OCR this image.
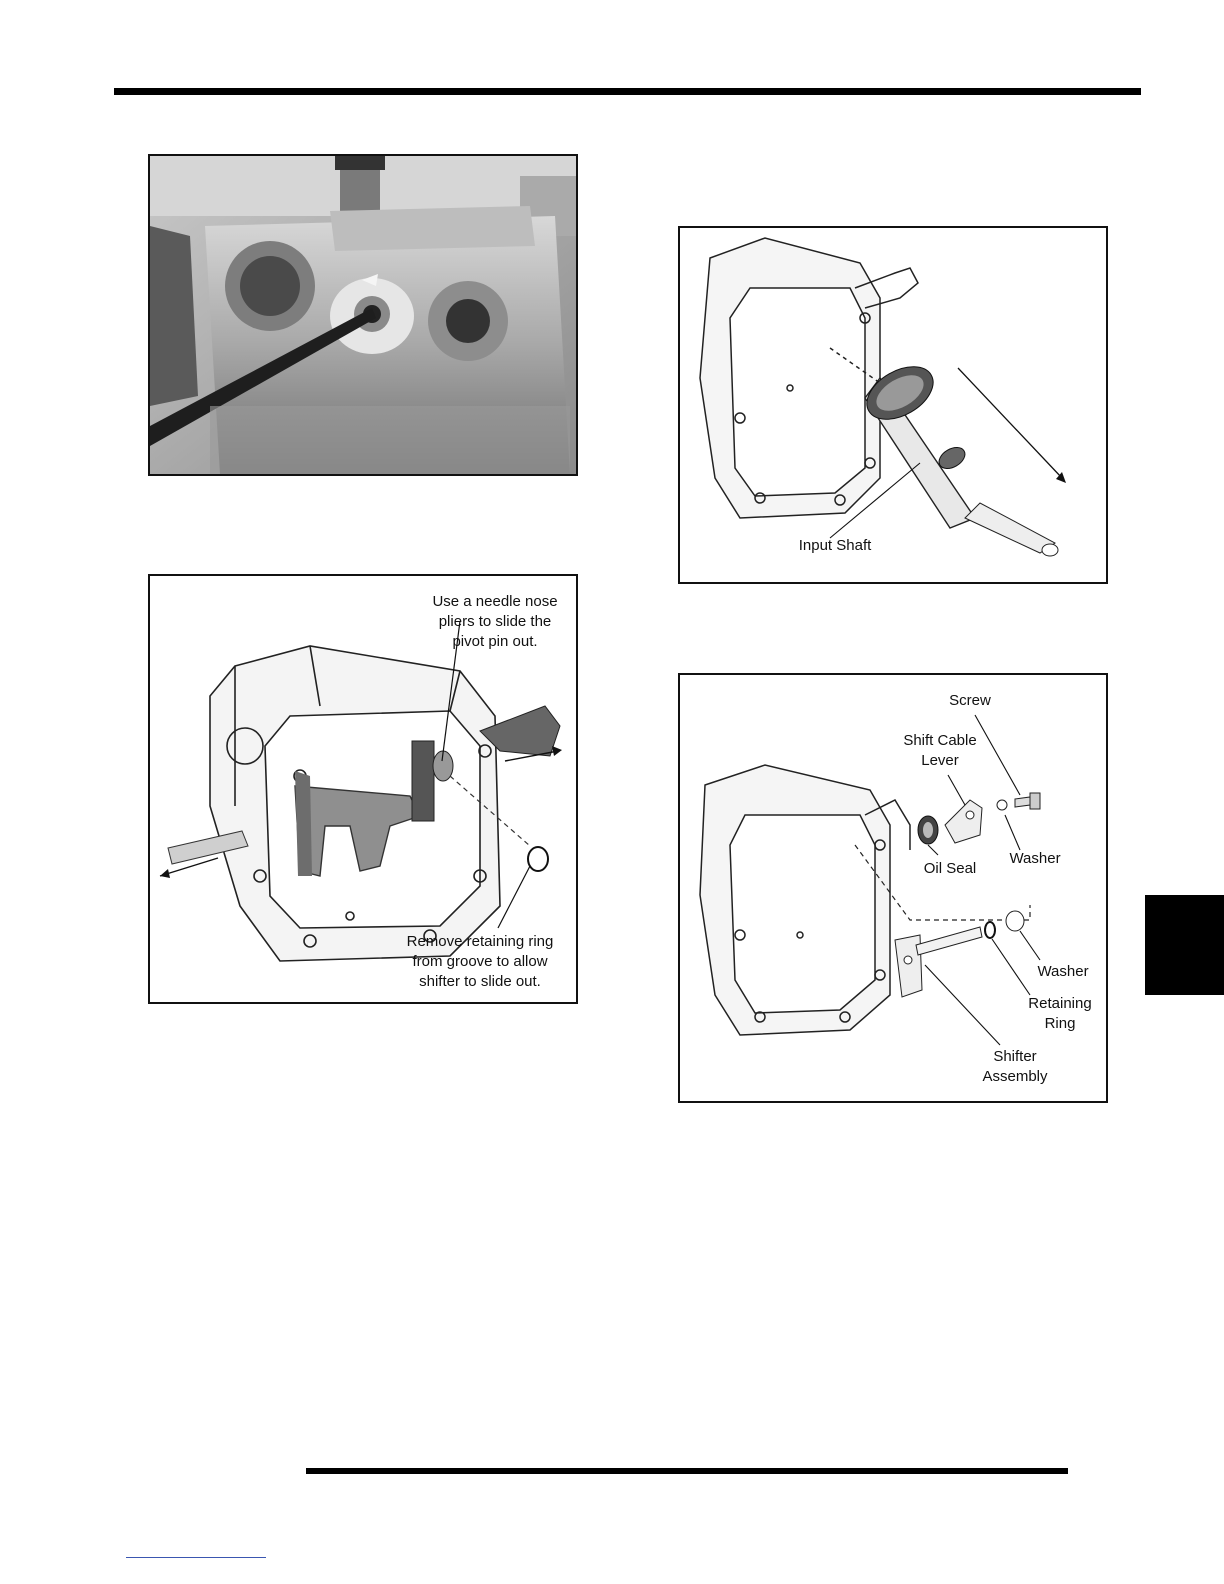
Use a needle nose
pliers to slide the
pivot pin out.
Remove retaining ring
from groove to allow
shifter to slide out.
Input Shaft
Screw
Shift Cable
Lever
Oil Seal
Washer
Washer
Retaining
Ring
Shifter
Assembly
